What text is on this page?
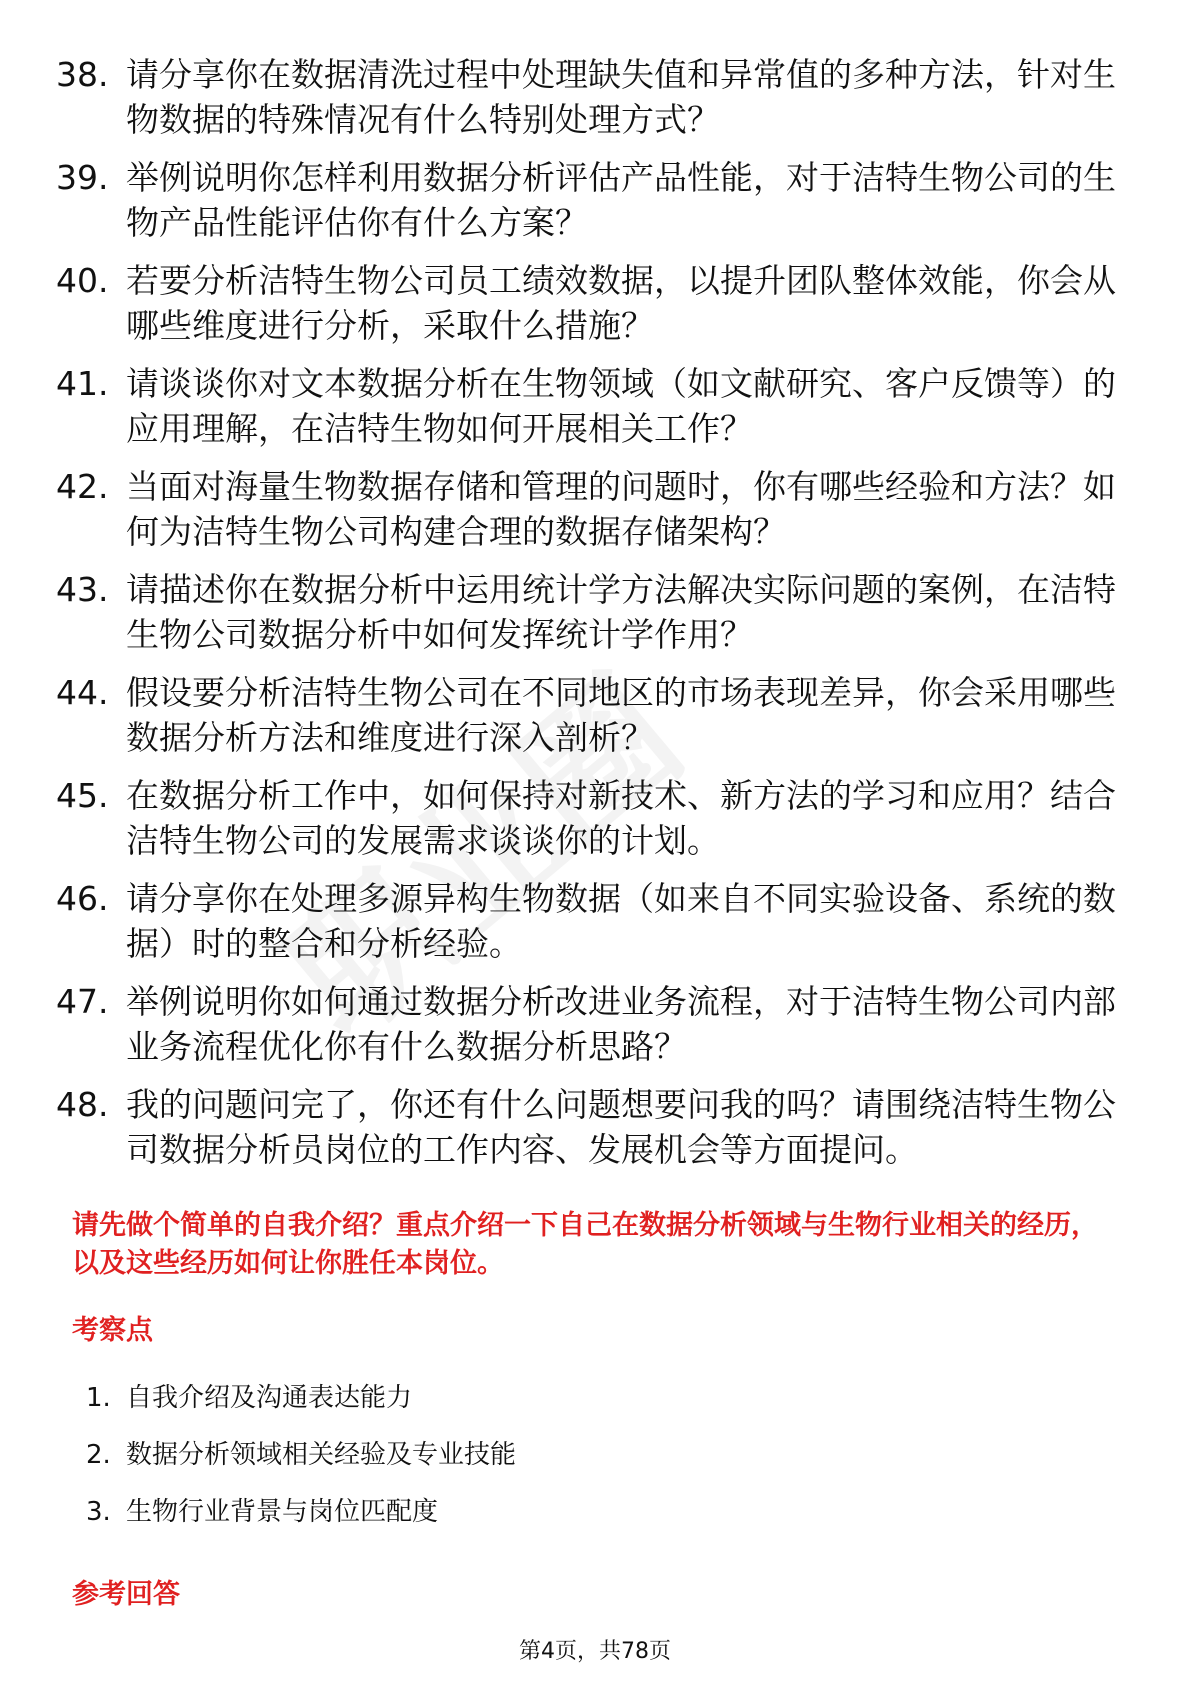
38. 请分享你在数据清洗过程中处理缺失值和异常值的多种方法，针对生物数据的特殊情况有什么特别处理方式？
39. 举例说明你怎样利用数据分析评估产品性能，对于洁特生物公司的生物产品性能评估你有什么方案？
40. 若要分析洁特生物公司员工绩效数据，以提升团队整体效能，你会从哪些维度进行分析，采取什么措施？
41. 请谈谈你对文本数据分析在生物领域（如文献研究、客户反馈等）的应用理解，在洁特生物如何开展相关工作？
42. 当面对海量生物数据存储和管理的问题时，你有哪些经验和方法？如何为洁特生物公司构建合理的数据存储架构？
43. 请描述你在数据分析中运用统计学方法解决实际问题的案例，在洁特生物公司数据分析中如何发挥统计学作用？
44. 假设要分析洁特生物公司在不同地区的市场表现差异，你会采用哪些数据分析方法和维度进行深入剖析？
45. 在数据分析工作中，如何保持对新技术、新方法的学习和应用？结合洁特生物公司的发展需求谈谈你的计划。
46. 请分享你在处理多源异构生物数据（如来自不同实验设备、系统的数据）时的整合和分析经验。
47. 举例说明你如何通过数据分析改进业务流程，对于洁特生物公司内部业务流程优化你有什么数据分析思路？
48. 我的问题问完了，你还有什么问题想要问我的吗？请围绕洁特生物公司数据分析员岗位的工作内容、发展机会等方面提问。

请先做个简单的自我介绍？重点介绍一下自己在数据分析领域与生物行业相关的经历，以及这些经历如何让你胜任本岗位。

考察点
1. 自我介绍及沟通表达能力
2. 数据分析领域相关经验及专业技能
3. 生物行业背景与岗位匹配度
参考回答
第4页，共78页
